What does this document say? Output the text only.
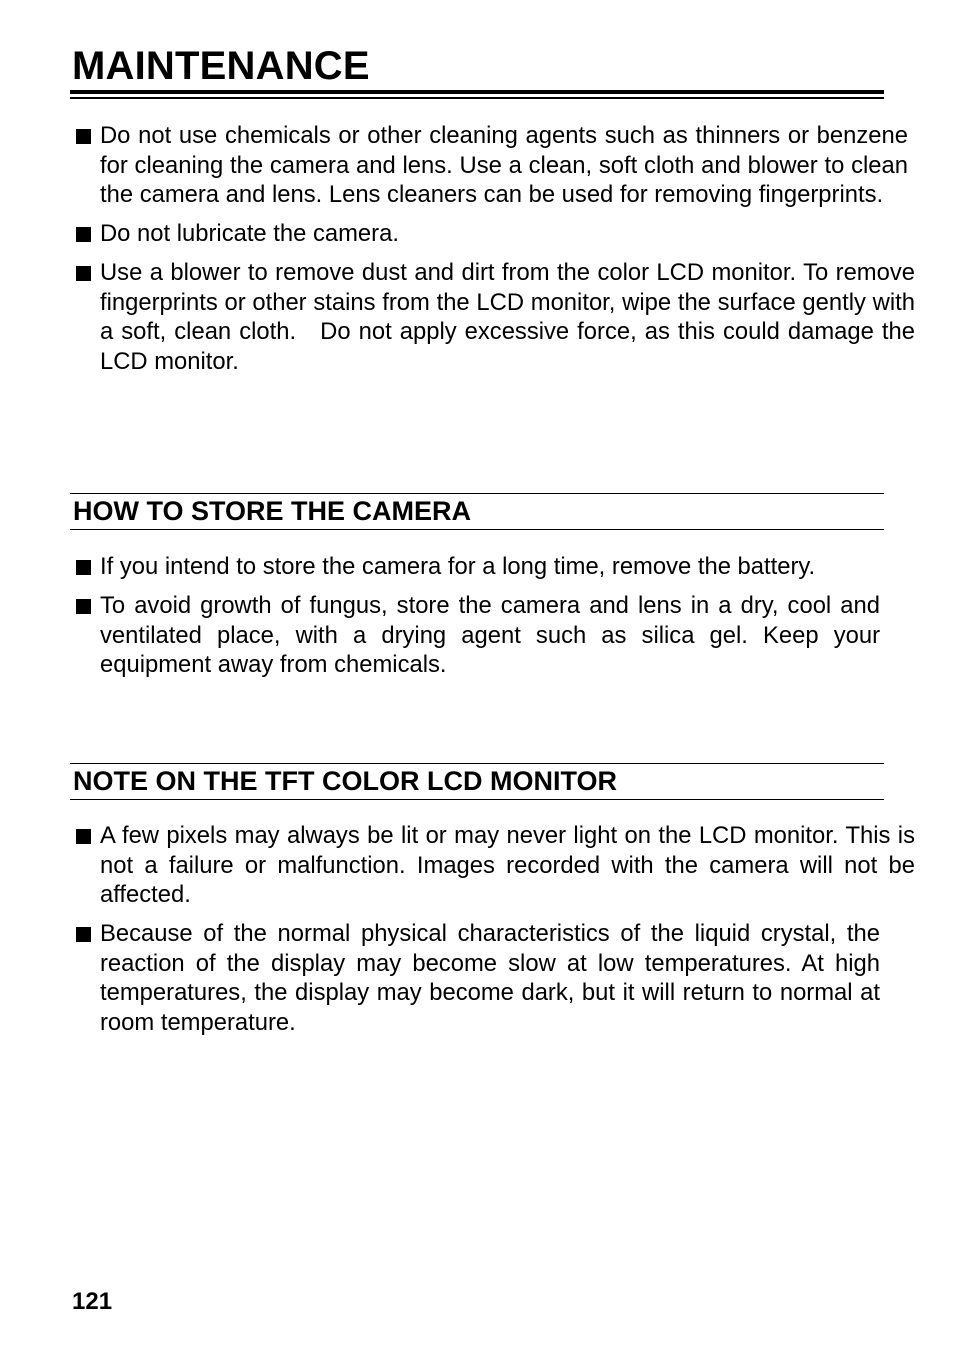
MAINTENANCE
Do not use chemicals or other cleaning agents such as thinners or benzene for cleaning the camera and lens. Use a clean, soft cloth and blower to clean the camera and lens. Lens cleaners can be used for removing fingerprints.
Do not lubricate the camera.
Use a blower to remove dust and dirt from the color LCD monitor. To remove fingerprints or other stains from the LCD monitor, wipe the surface gently with a soft, clean cloth.   Do not apply excessive force, as this could damage the LCD monitor.
HOW TO STORE THE CAMERA
If you intend to store the camera for a long time, remove the battery.
To avoid growth of fungus, store the camera and lens in a dry, cool and ventilated place, with a drying agent such as silica gel. Keep your equipment away from chemicals.
NOTE ON THE TFT COLOR LCD MONITOR
A few pixels may always be lit or may never light on the LCD monitor. This is not a failure or malfunction. Images recorded with the camera will not be affected.
Because of the normal physical characteristics of the liquid crystal, the reaction of the display may become slow at low temperatures. At high temperatures, the display may become dark, but it will return to normal at room temperature.
121
